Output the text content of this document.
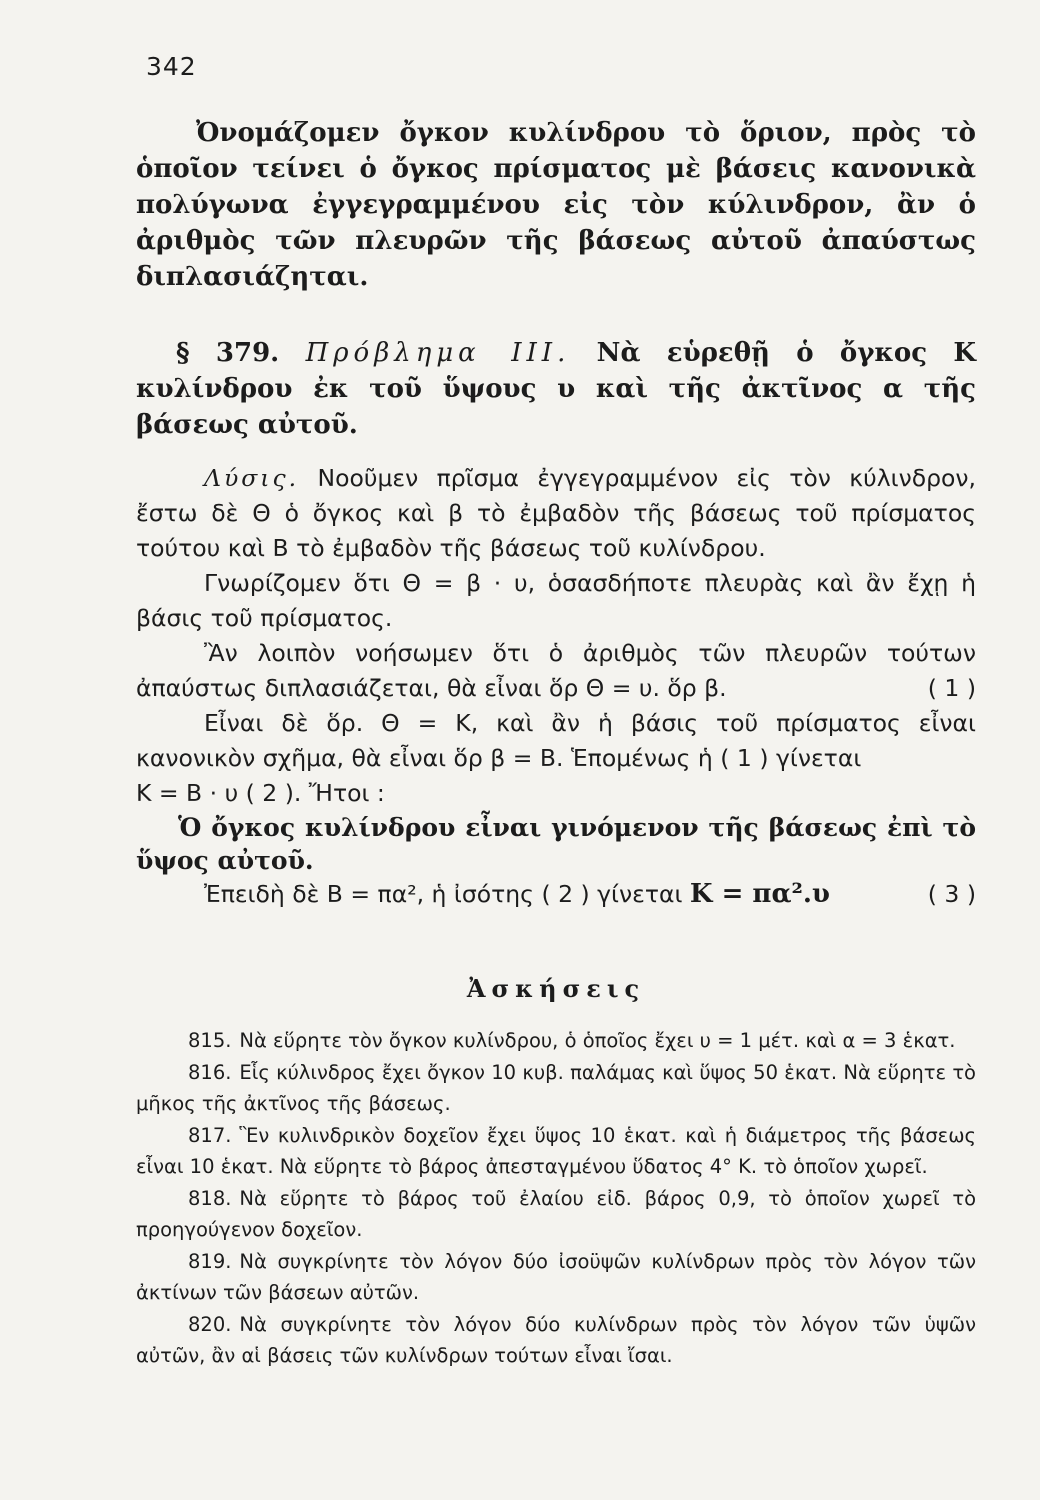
342

Ὀνομάζομεν ὄγκον κυλίνδρου τὸ ὅριον, πρὸς τὸ ὁποῖον τείνει ὁ ὄγκος πρίσματος μὲ βάσεις κανονικὰ πολύγωνα ἐγγεγραμμένου εἰς τὸν κύλινδρον, ἂν ὁ ἀριθμὸς τῶν πλευρῶν τῆς βάσεως αὐτοῦ ἀπαύστως διπλασιάζηται.

§ 379. Πρόβλημα ΙΙΙ. Νὰ εὑρεθῇ ὁ ὄγκος Κ κυλίνδρου ἐκ τοῦ ὕψους υ καὶ τῆς ἀκτῖνος α τῆς βάσεως αὐτοῦ.

Λύσις. Νοοῦμεν πρῖσμα ἐγγεγραμμένον εἰς τὸν κύλινδρον, ἔστω δὲ Θ ὁ ὄγκος καὶ β τὸ ἐμβαδὸν τῆς βάσεως τοῦ πρίσματος τούτου καὶ Β τὸ ἐμβαδὸν τῆς βάσεως τοῦ κυλίνδρου.

Γνωρίζομεν ὅτι Θ = β · υ, ὁσασδήποτε πλευρὰς καὶ ἂν ἔχῃ ἡ βάσις τοῦ πρίσματος.

Ἂν λοιπὸν νοήσωμεν ὅτι ὁ ἀριθμὸς τῶν πλευρῶν τούτων ἀπαύστως διπλασιάζεται, θὰ εἶναι ὅρ Θ = υ. ὅρ β.	( 1 )

Εἶναι δὲ ὅρ. Θ = Κ, καὶ ἂν ἡ βάσις τοῦ πρίσματος εἶναι κανονικὸν σχῆμα, θὰ εἶναι ὅρ β = Β. Ἑπομένως ἡ ( 1 ) γίνεται

Κ = Β · υ ( 2 ). Ἤτοι :

Ὁ ὄγκος κυλίνδρου εἶναι γινόμενον τῆς βάσεως ἐπὶ τὸ ὕψος αὐτοῦ.

Ἐπειδὴ δὲ Β = πα², ἡ ἰσότης ( 2 ) γίνεται Κ = πα².υ	( 3 )

Ἀσκήσεις

815. Νὰ εὕρητε τὸν ὄγκον κυλίνδρου, ὁ ὁποῖος ἔχει υ = 1 μέτ. καὶ α = 3 ἑκατ.

816. Εἷς κύλινδρος ἔχει ὄγκον 10 κυβ. παλάμας καὶ ὕψος 50 ἑκατ. Νὰ εὕρητε τὸ μῆκος τῆς ἀκτῖνος τῆς βάσεως.

817. Ἓν κυλινδρικὸν δοχεῖον ἔχει ὕψος 10 ἑκατ. καὶ ἡ διάμετρος τῆς βάσεως εἶναι 10 ἑκατ. Νὰ εὕρητε τὸ βάρος ἀπεσταγμένου ὕδατος 4° Κ. τὸ ὁποῖον χωρεῖ.

818. Νὰ εὕρητε τὸ βάρος τοῦ ἐλαίου εἰδ. βάρος 0,9, τὸ ὁποῖον χωρεῖ τὸ προηγούγενον δοχεῖον.

819. Νὰ συγκρίνητε τὸν λόγον δύο ἰσοϋψῶν κυλίνδρων πρὸς τὸν λόγον τῶν ἀκτίνων τῶν βάσεων αὐτῶν.

820. Νὰ συγκρίνητε τὸν λόγον δύο κυλίνδρων πρὸς τὸν λόγον τῶν ὑψῶν αὐτῶν, ἂν αἱ βάσεις τῶν κυλίνδρων τούτων εἶναι ἴσαι.
